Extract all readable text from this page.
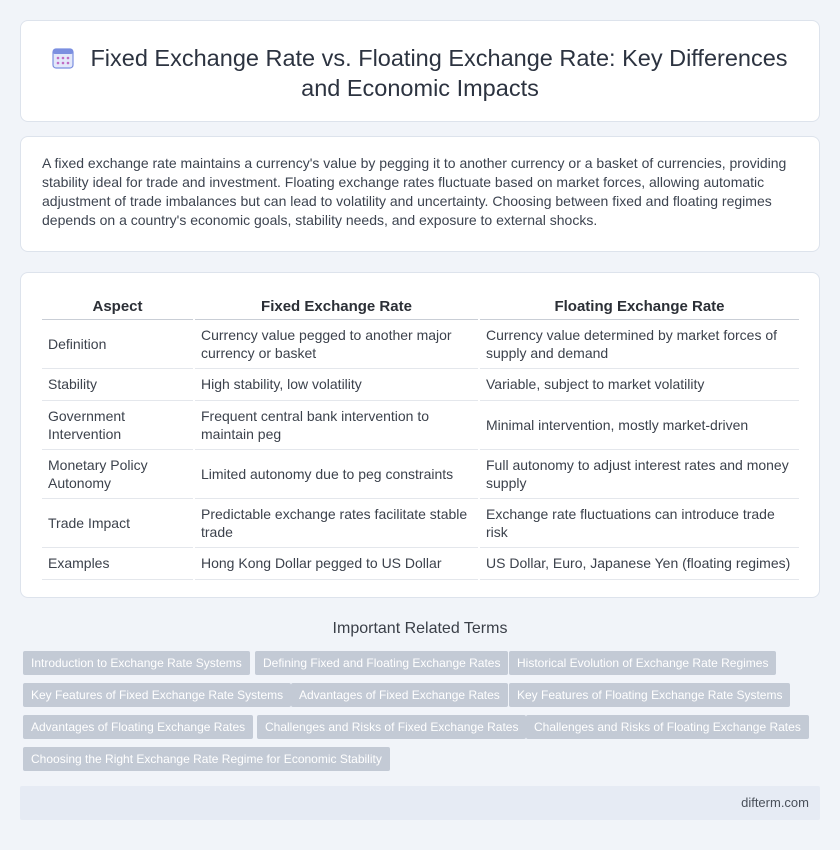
Fixed Exchange Rate vs. Floating Exchange Rate: Key Differences and Economic Impacts

A fixed exchange rate maintains a currency's value by pegging it to another currency or a basket of currencies, providing stability ideal for trade and investment. Floating exchange rates fluctuate based on market forces, allowing automatic adjustment of trade imbalances but can lead to volatility and uncertainty. Choosing between fixed and floating regimes depends on a country's economic goals, stability needs, and exposure to external shocks.

Aspect	Fixed Exchange Rate	Floating Exchange Rate
Definition	Currency value pegged to another major currency or basket	Currency value determined by market forces of supply and demand
Stability	High stability, low volatility	Variable, subject to market volatility
Government Intervention	Frequent central bank intervention to maintain peg	Minimal intervention, mostly market-driven
Monetary Policy Autonomy	Limited autonomy due to peg constraints	Full autonomy to adjust interest rates and money supply
Trade Impact	Predictable exchange rates facilitate stable trade	Exchange rate fluctuations can introduce trade risk
Examples	Hong Kong Dollar pegged to US Dollar	US Dollar, Euro, Japanese Yen (floating regimes)
Important Related Terms
Introduction to Exchange Rate Systems	Defining Fixed and Floating Exchange Rates	Historical Evolution of Exchange Rate Regimes
Key Features of Fixed Exchange Rate Systems	Advantages of Fixed Exchange Rates	Key Features of Floating Exchange Rate Systems
Advantages of Floating Exchange Rates	Challenges and Risks of Fixed Exchange Rates	Challenges and Risks of Floating Exchange Rates
Choosing the Right Exchange Rate Regime for Economic Stability
difterm.com
